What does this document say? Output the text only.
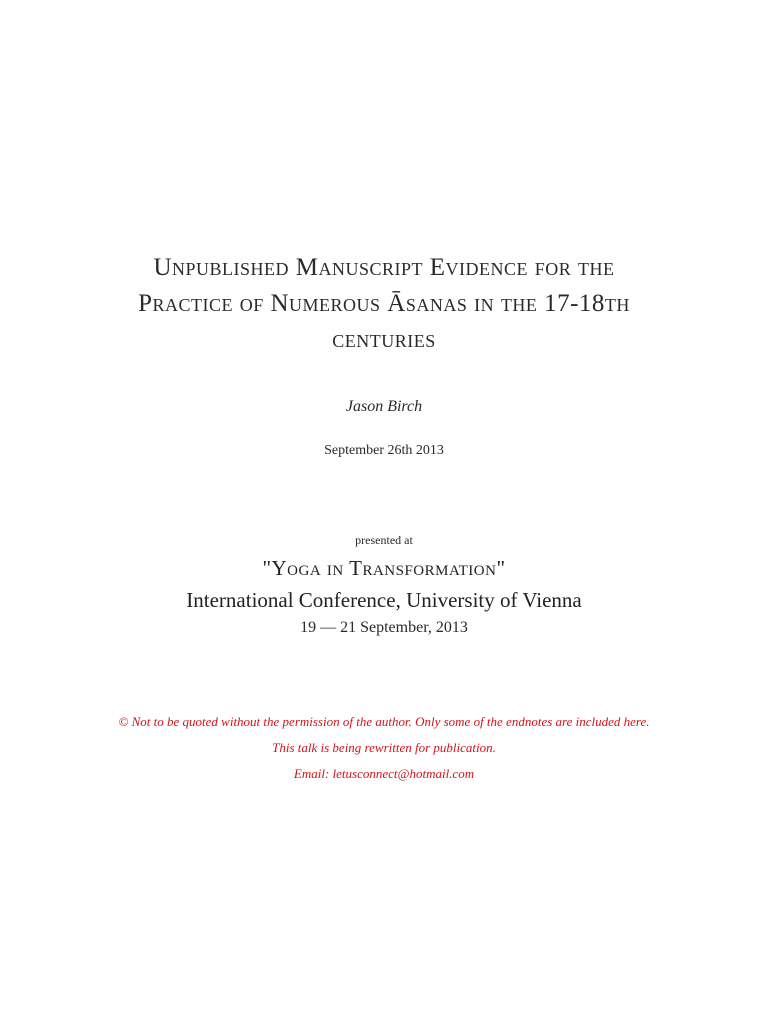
Unpublished Manuscript Evidence for the
Practice of Numerous Āsanas in the 17-18th
centuries
Jason Birch
September 26th 2013
presented at
"Yoga in Transformation"
International Conference, University of Vienna
19 — 21 September, 2013
© Not to be quoted without the permission of the author. Only some of the endnotes are included here.
This talk is being rewritten for publication.
Email: letusconnect@hotmail.com
